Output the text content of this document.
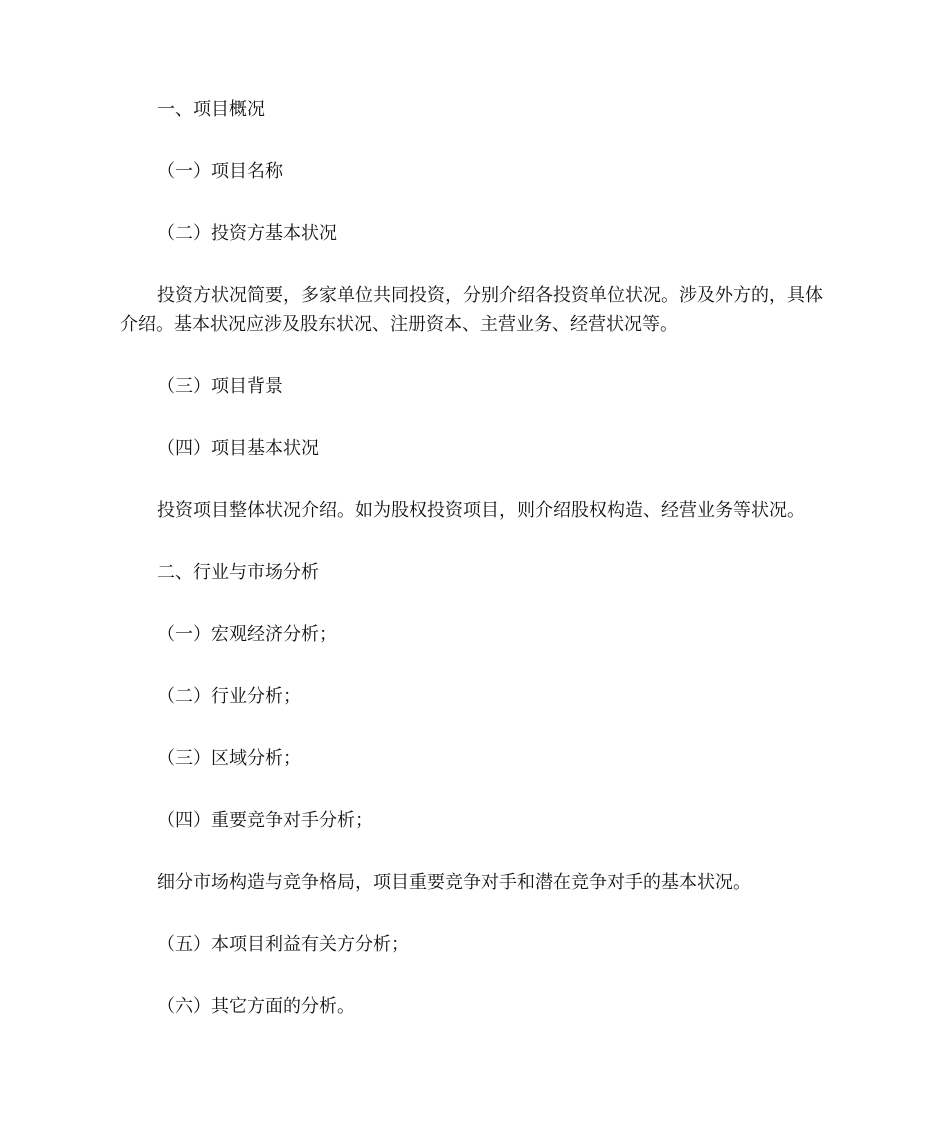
一、项目概况

（一）项目名称

（二）投资方基本状况

投资方状况简要，多家单位共同投资，分别介绍各投资单位状况。涉及外方的，具体介绍。基本状况应涉及股东状况、注册资本、主营业务、经营状况等。

（三）项目背景

（四）项目基本状况

投资项目整体状况介绍。如为股权投资项目，则介绍股权构造、经营业务等状况。

二、行业与市场分析

（一）宏观经济分析；

（二）行业分析；

（三）区域分析；

（四）重要竞争对手分析；

细分市场构造与竞争格局，项目重要竞争对手和潜在竞争对手的基本状况。

（五）本项目利益有关方分析；

（六）其它方面的分析。
